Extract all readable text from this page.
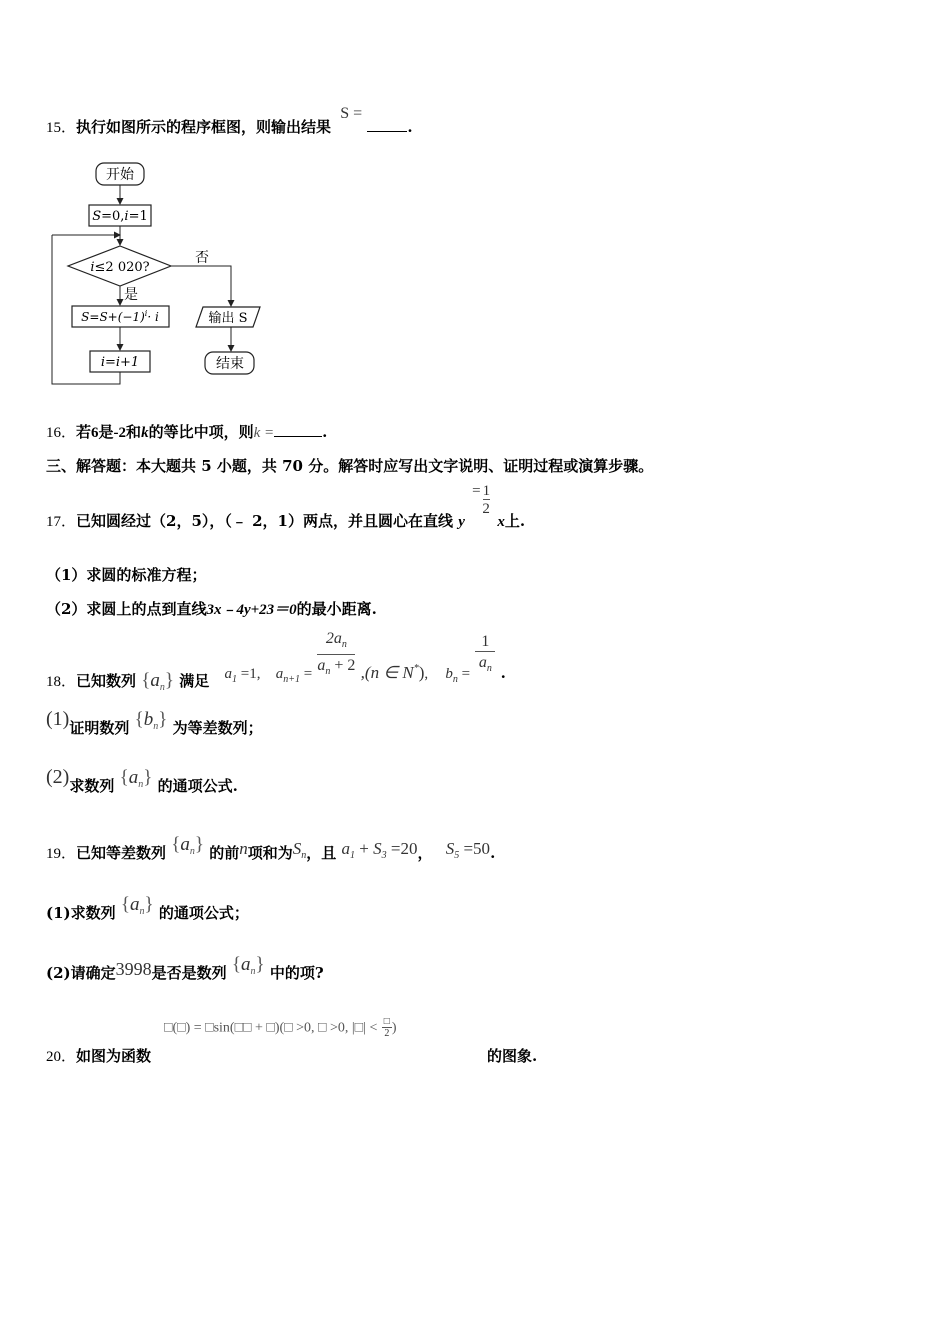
15．执行如图所示的程序框图，则输出结果 S = .
开始
S=0,i=1
i≤2 020?
否
是
$S=S+(-1)^i\cdot i$
i=i+1
输出 S
结束
16．若6是-2和k的等比中项，则k =	.
三、解答题：本大题共 5 小题，共 70 分。解答时应写出文字说明、证明过程或演算步骤。
17．已知圆经过（2，5），（﹣ 2，1）两点，并且圆心在直线 y
= 1
2
x上.
（1）求圆的标准方程；
（2）求圆上的点到直线3x﹣4y+23＝0的最小距离.
18．已知数列 $\{a_n\}$ 满足 $a_1 =1$, $a_{n+1} = \frac{2a_n}{a_n + 2} ,(n$ ∈ N*), $b_n = \frac{1}{a_n}$ .
(1)证明数列 $\{b_n\}$ 为等差数列；
(2)求数列 $\{a_n\}$ 的通项公式.
19．已知等差数列 $\{a_n\}$ 的前n项和为$S_n$，且 $a_1 + S_3 =20$， $S_5 =50$.
(1)求数列 $\{a_n\}$ 的通项公式；
(2)请确定3998是否是数列 $\{a_n\}$ 中的项?
□(□) = □sin(□□ + □)(□ >0, □ >0, |□| < $\frac{□}{2}$ )
20．如图为函数	的图象.
